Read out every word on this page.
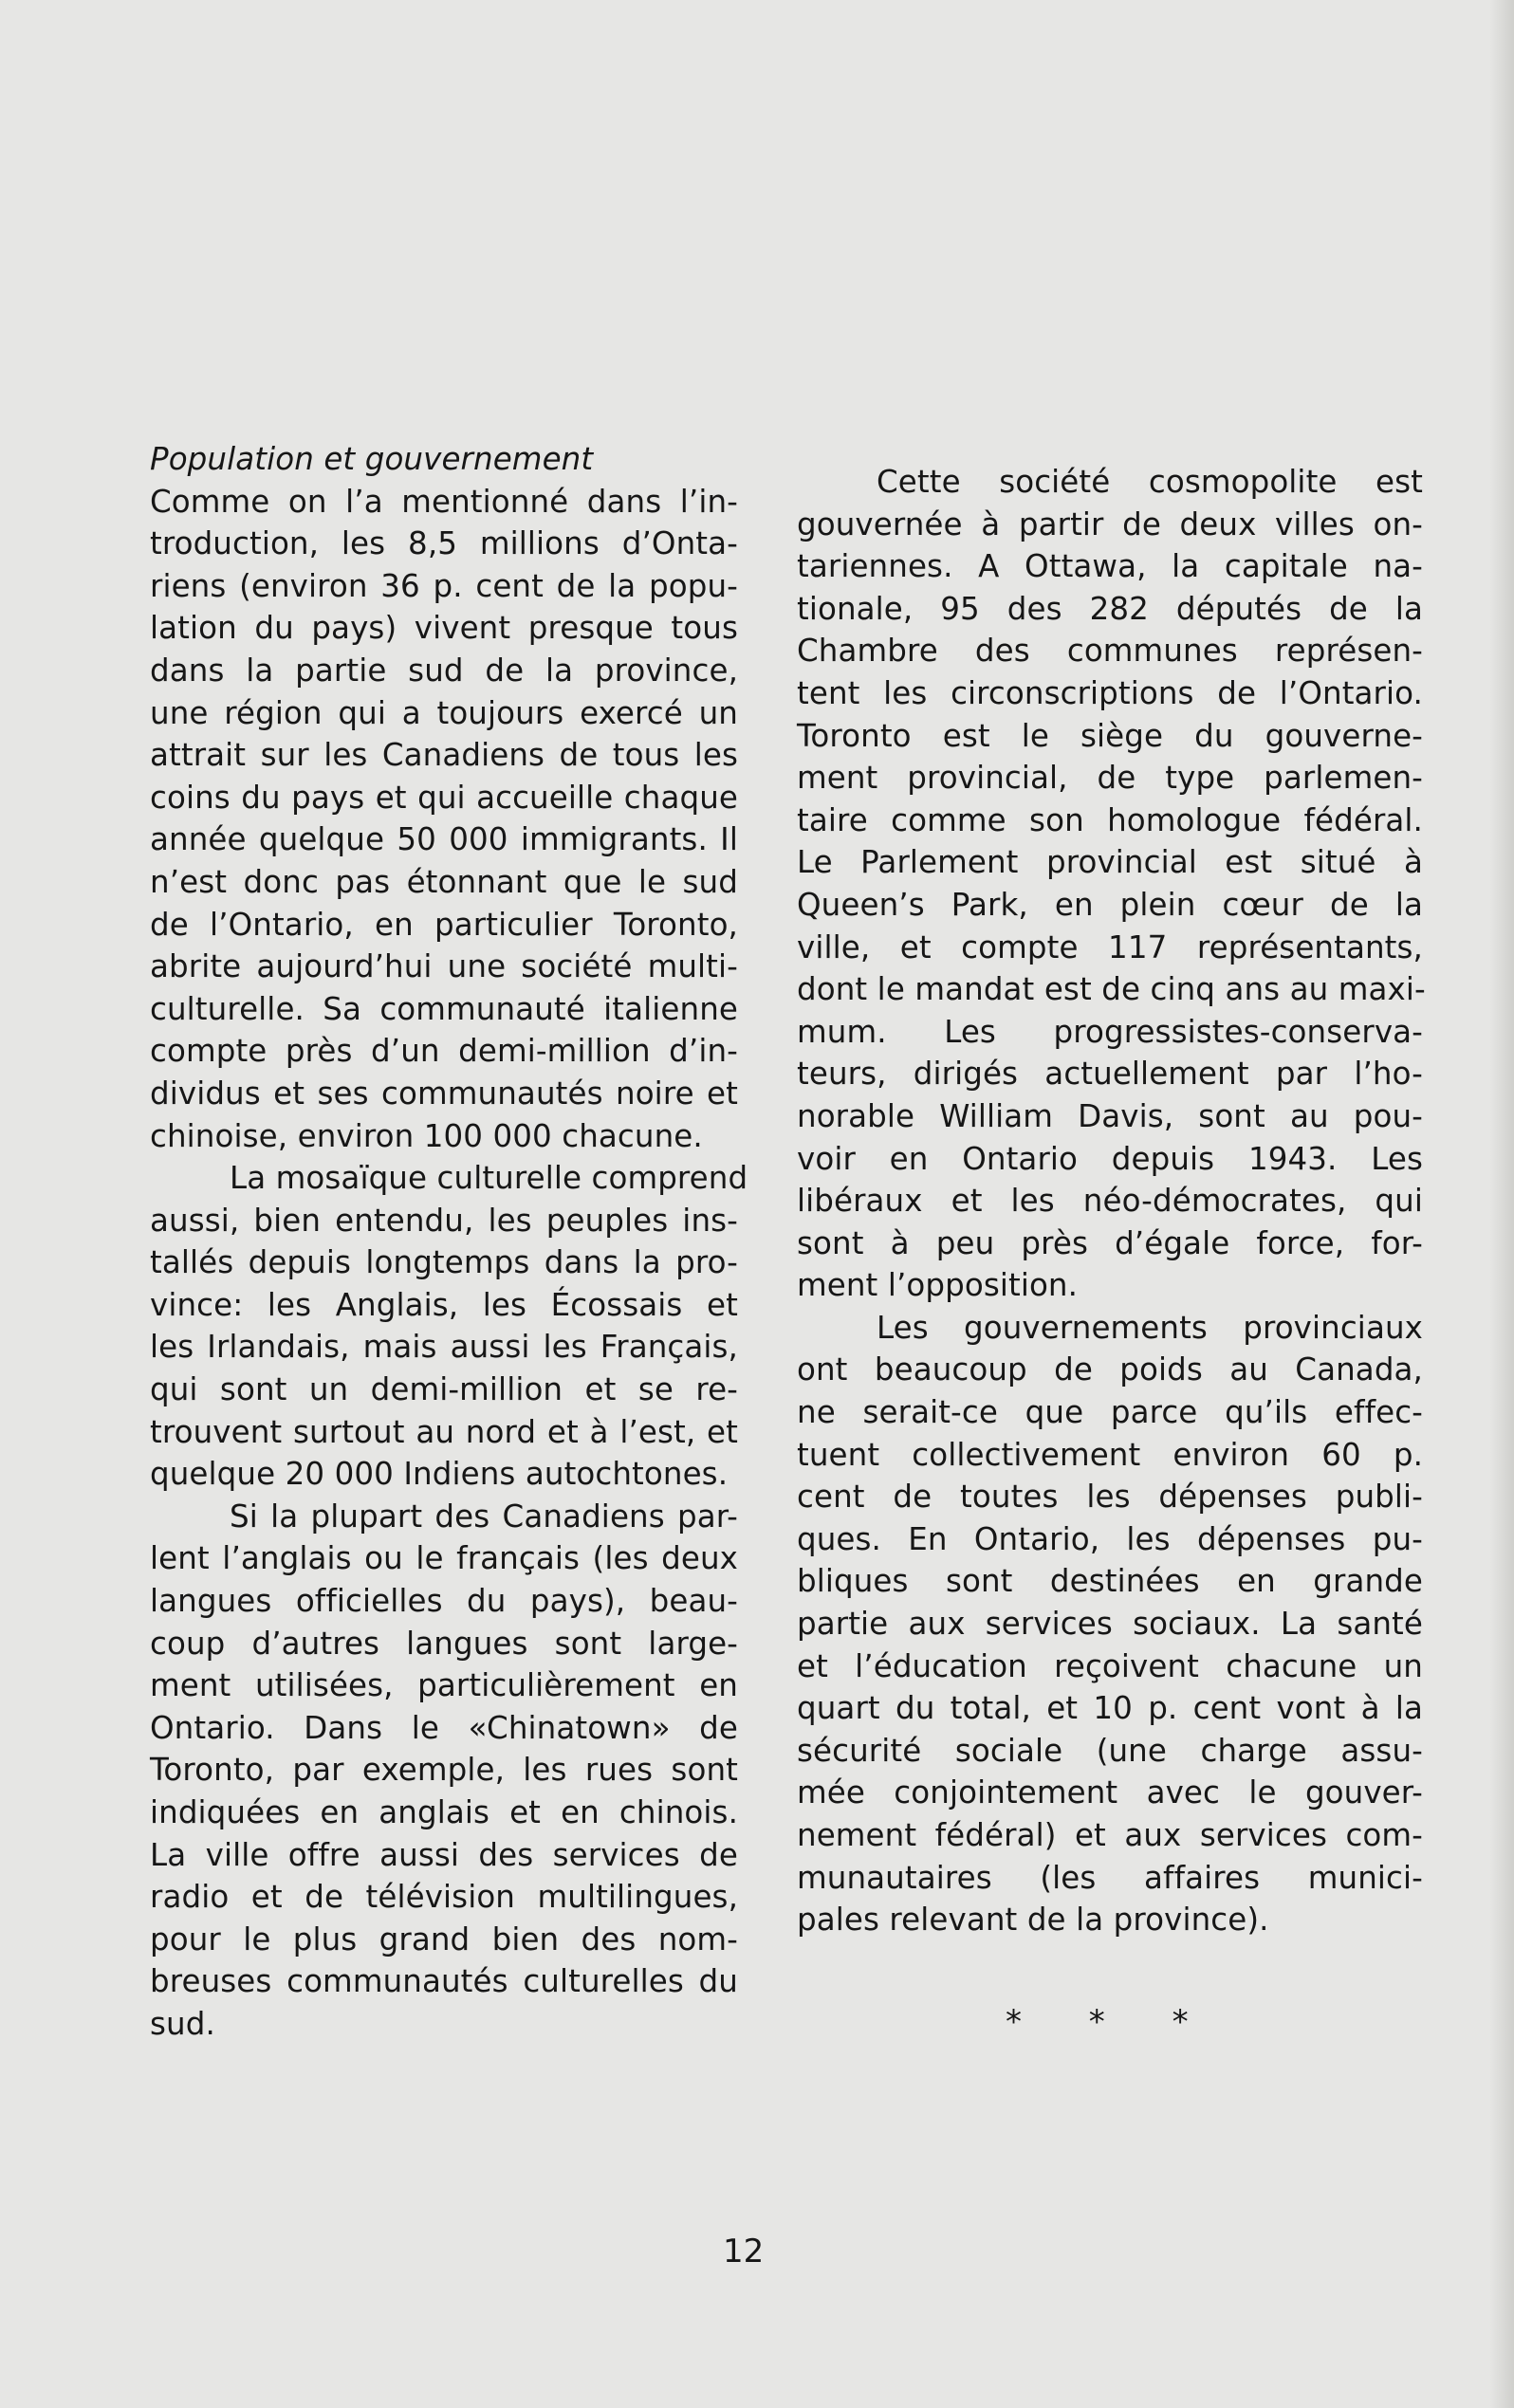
Population et gouvernement
Comme on l’a mentionné dans l’in-
troduction, les 8,5 millions d’Onta-
riens (environ 36 p. cent de la popu-
lation du pays) vivent presque tous
dans la partie sud de la province,
une région qui a toujours exercé un
attrait sur les Canadiens de tous les
coins du pays et qui accueille chaque
année quelque 50 000 immigrants. Il
n’est donc pas étonnant que le sud
de l’Ontario, en particulier Toronto,
abrite aujourd’hui une société multi-
culturelle. Sa communauté italienne
compte près d’un demi-million d’in-
dividus et ses communautés noire et
chinoise, environ 100 000 chacune.
La mosaïque culturelle comprend
aussi, bien entendu, les peuples ins-
tallés depuis longtemps dans la pro-
vince: les Anglais, les Écossais et
les Irlandais, mais aussi les Français,
qui sont un demi-million et se re-
trouvent surtout au nord et à l’est, et
quelque 20 000 Indiens autochtones.
Si la plupart des Canadiens par-
lent l’anglais ou le français (les deux
langues officielles du pays), beau-
coup d’autres langues sont large-
ment utilisées, particulièrement en
Ontario. Dans le «Chinatown» de
Toronto, par exemple, les rues sont
indiquées en anglais et en chinois.
La ville offre aussi des services de
radio et de télévision multilingues,
pour le plus grand bien des nom-
breuses communautés culturelles du
sud.
Cette société cosmopolite est
gouvernée à partir de deux villes on-
tariennes. A Ottawa, la capitale na-
tionale, 95 des 282 députés de la
Chambre des communes représen-
tent les circonscriptions de l’Ontario.
Toronto est le siège du gouverne-
ment provincial, de type parlemen-
taire comme son homologue fédéral.
Le Parlement provincial est situé à
Queen’s Park, en plein cœur de la
ville, et compte 117 représentants,
dont le mandat est de cinq ans au maxi-
mum. Les progressistes-conserva-
teurs, dirigés actuellement par l’ho-
norable William Davis, sont au pou-
voir en Ontario depuis 1943. Les
libéraux et les néo-démocrates, qui
sont à peu près d’égale force, for-
ment l’opposition.
Les gouvernements provinciaux
ont beaucoup de poids au Canada,
ne serait-ce que parce qu’ils effec-
tuent collectivement environ 60 p.
cent de toutes les dépenses publi-
ques. En Ontario, les dépenses pu-
bliques sont destinées en grande
partie aux services sociaux. La santé
et l’éducation reçoivent chacune un
quart du total, et 10 p. cent vont à la
sécurité sociale (une charge assu-
mée conjointement avec le gouver-
nement fédéral) et aux services com-
munautaires (les affaires munici-
pales relevant de la province).
* * *
12
